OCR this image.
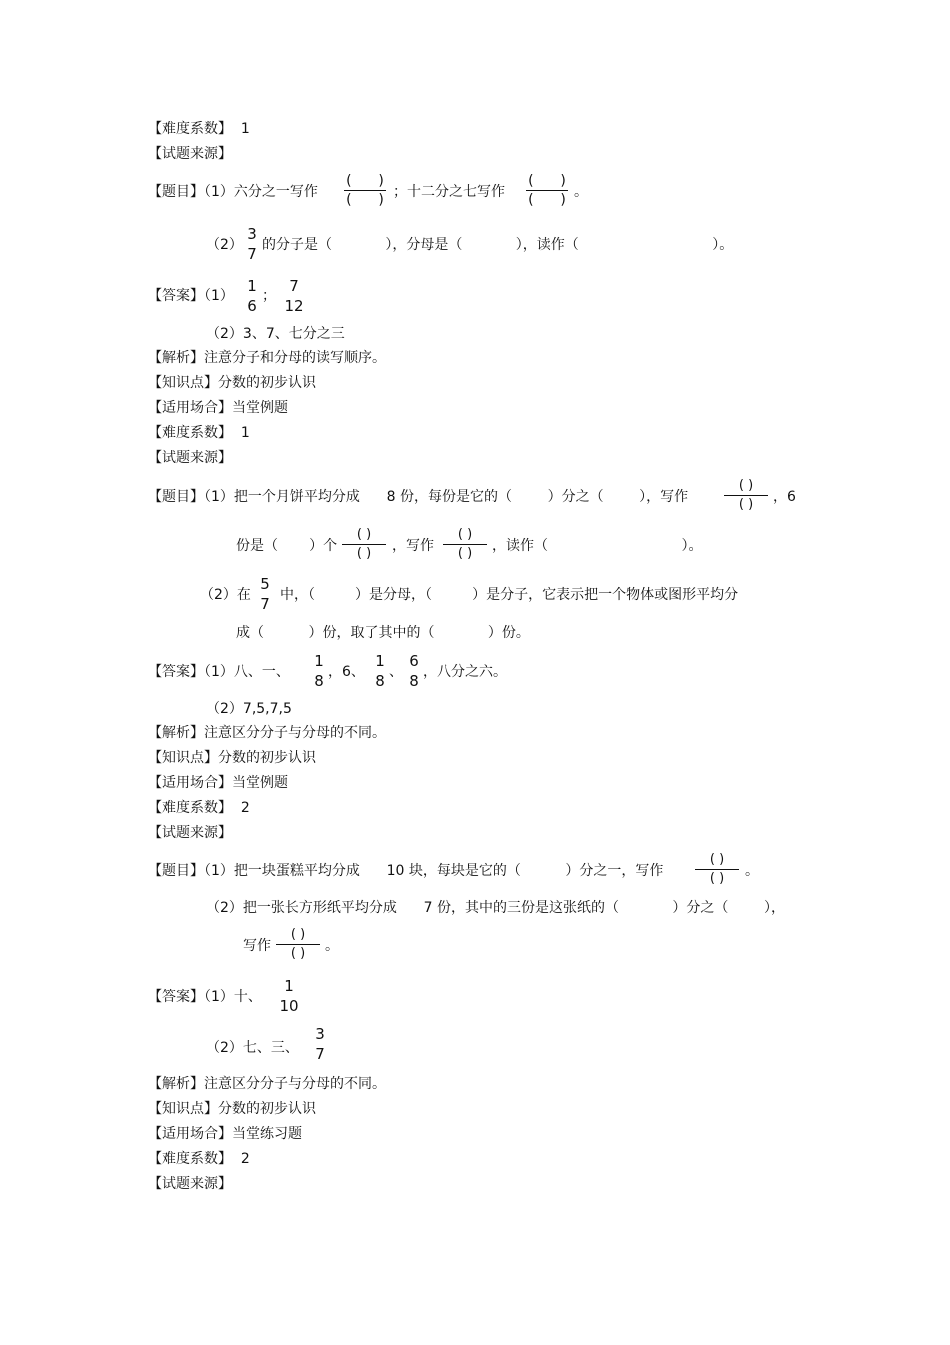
【难度系数】 1
【试题来源】
【题目】（1）六分之一写作
( )
( ) ；十二分之七写作
( )
( ) 。
（2）
3
7 的分子是（            ），分母是（            ），读作（                              ）。
【答案】（1）
1
6
；
7
12
（2）3、7、七分之三
【解析】注意分子和分母的读写顺序。
【知识点】分数的初步认识
【适用场合】当堂例题
【难度系数】 1
【试题来源】
【题目】（1）把一个月饼平均分成      8 份，每份是它的（        ）分之（        ），写作
( )
( ) ，6
份是（       ）个
( )
( ) ，写作
( )
( ) ，读作（                              ）。
（2）在
5
7 中，（         ）是分母，（         ）是分子，它表示把一个物体或图形平均分
成（          ）份，取了其中的（            ）份。
【答案】（1）八、一、
1
8 ，6、
1
8 、
6
8 ，八分之六。
（2）7,5,7,5
【解析】注意区分分子与分母的不同。
【知识点】分数的初步认识
【适用场合】当堂例题
【难度系数】 2
【试题来源】
【题目】（1）把一块蛋糕平均分成      10 块，每块是它的（          ）分之一，写作
( )
( ) 。
（2）把一张长方形纸平均分成      7 份，其中的三份是这张纸的（            ）分之（        ），
写作
( )
( ) 。
【答案】（1）十、
1
10
（2）七、三、
3
7
【解析】注意区分分子与分母的不同。
【知识点】分数的初步认识
【适用场合】当堂练习题
【难度系数】 2
【试题来源】
